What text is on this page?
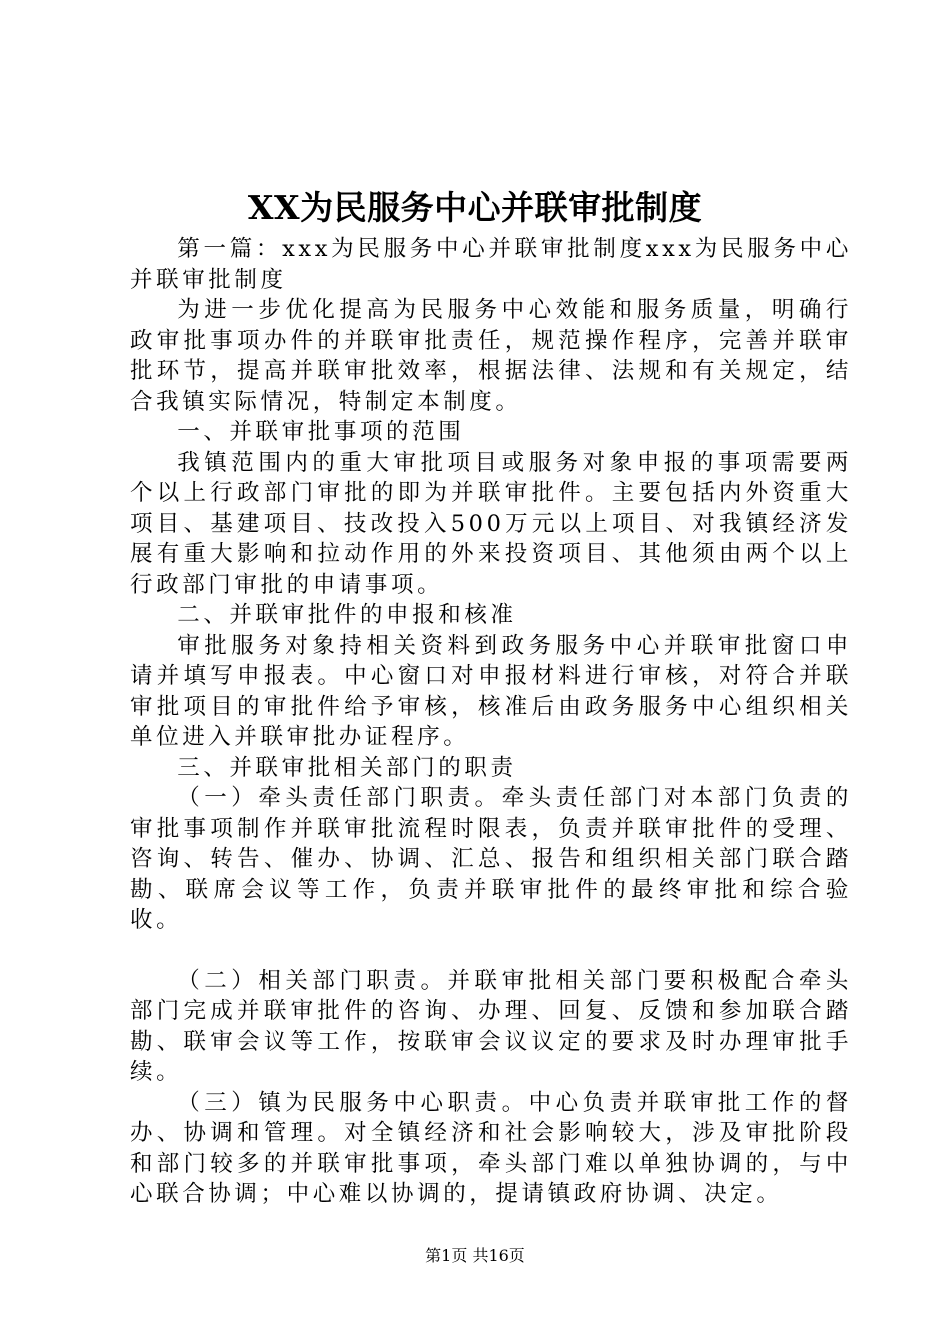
XX为民服务中心并联审批制度

第一篇：xxx为民服务中心并联审批制度xxx为民服务中心并联审批制度

为进一步优化提高为民服务中心效能和服务质量，明确行政审批事项办件的并联审批责任，规范操作程序，完善并联审批环节，提高并联审批效率，根据法律、法规和有关规定，结合我镇实际情况，特制定本制度。

一、并联审批事项的范围

我镇范围内的重大审批项目或服务对象申报的事项需要两个以上行政部门审批的即为并联审批件。主要包括内外资重大项目、基建项目、技改投入500万元以上项目、对我镇经济发展有重大影响和拉动作用的外来投资项目、其他须由两个以上行政部门审批的申请事项。

二、并联审批件的申报和核准

审批服务对象持相关资料到政务服务中心并联审批窗口申请并填写申报表。中心窗口对申报材料进行审核，对符合并联审批项目的审批件给予审核，核准后由政务服务中心组织相关单位进入并联审批办证程序。

三、并联审批相关部门的职责

（一）牵头责任部门职责。牵头责任部门对本部门负责的审批事项制作并联审批流程时限表，负责并联审批件的受理、咨询、转告、催办、协调、汇总、报告和组织相关部门联合踏勘、联席会议等工作，负责并联审批件的最终审批和综合验收。

（二）相关部门职责。并联审批相关部门要积极配合牵头部门完成并联审批件的咨询、办理、回复、反馈和参加联合踏勘、联审会议等工作，按联审会议议定的要求及时办理审批手续。

（三）镇为民服务中心职责。中心负责并联审批工作的督办、协调和管理。对全镇经济和社会影响较大，涉及审批阶段和部门较多的并联审批事项，牵头部门难以单独协调的，与中心联合协调；中心难以协调的，提请镇政府协调、决定。

第1页 共16页
